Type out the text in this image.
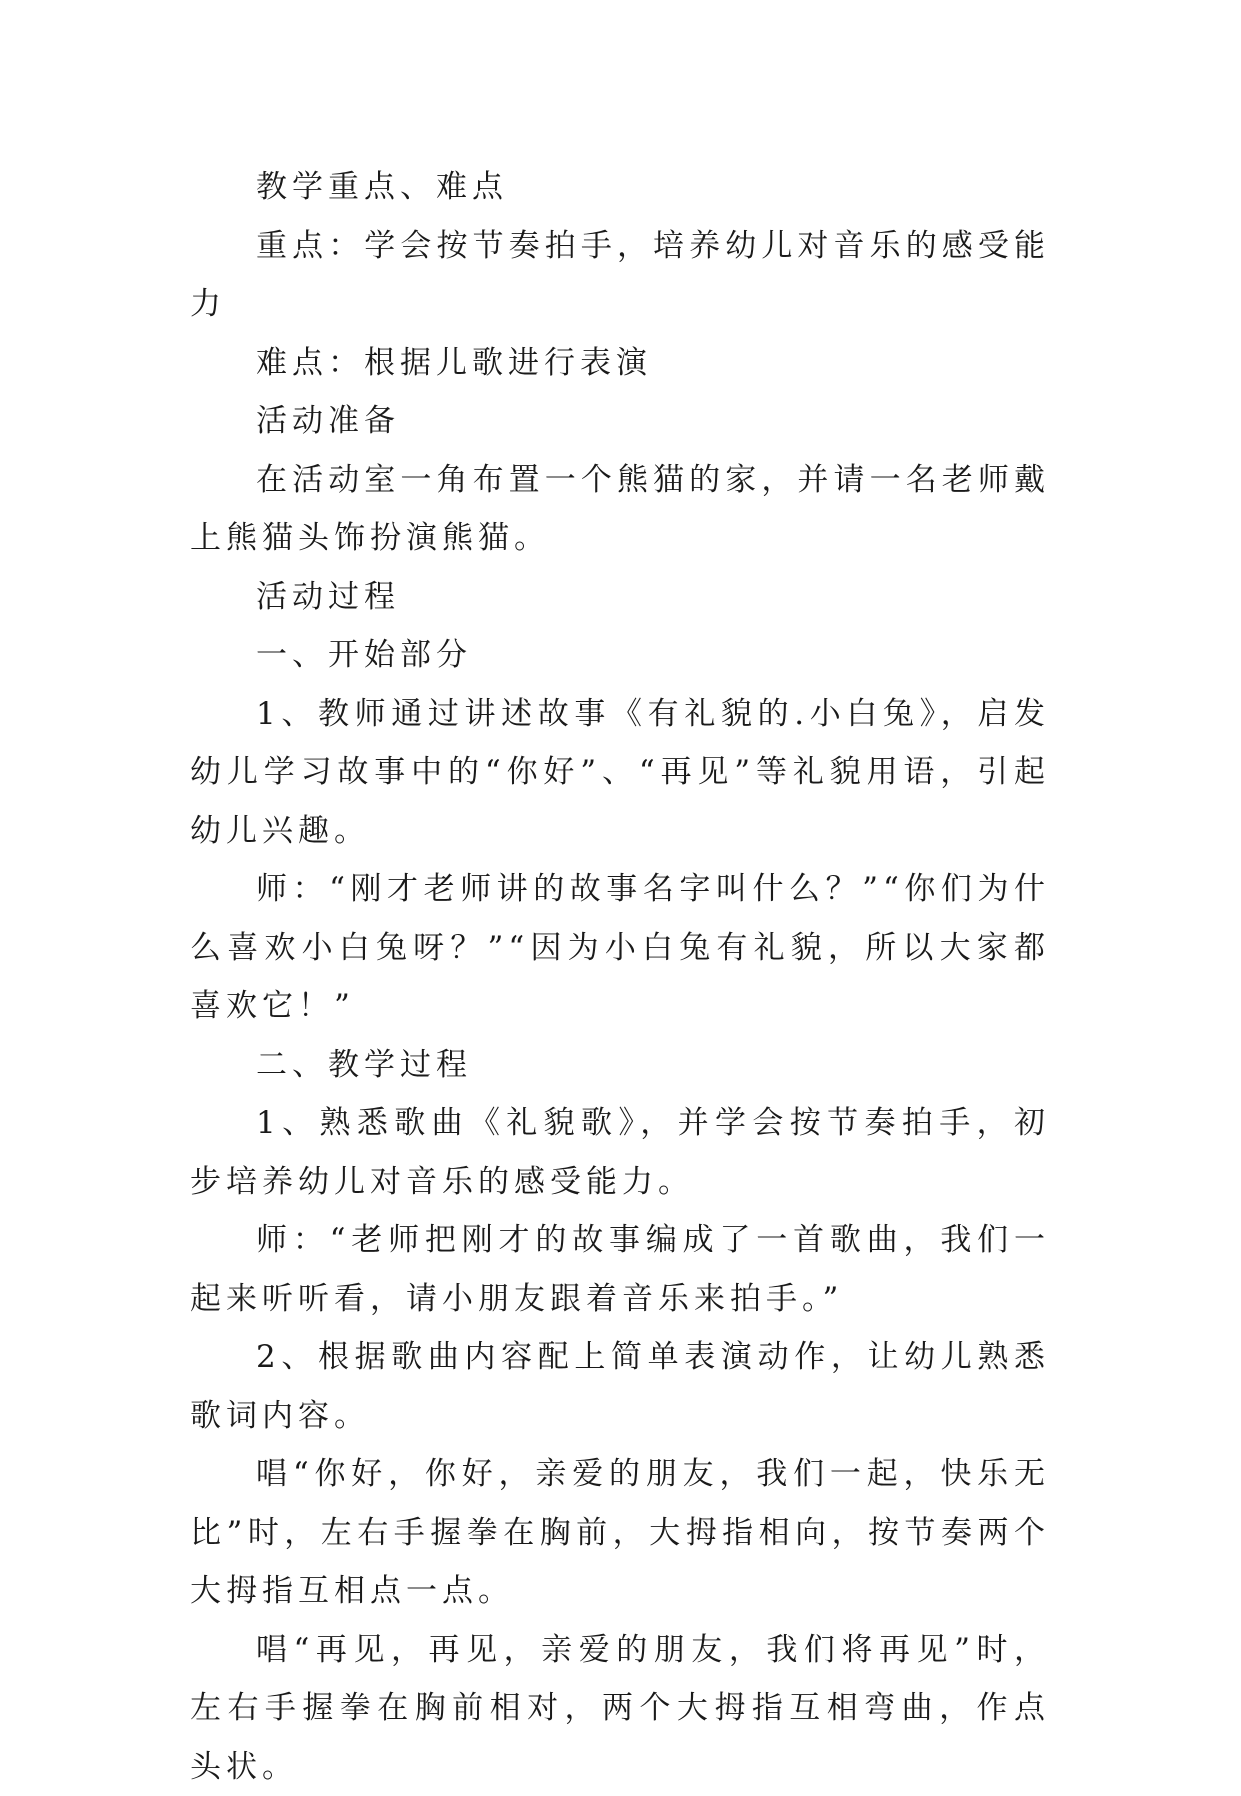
教学重点、难点

重点：学会按节奏拍手，培养幼儿对音乐的感受能力

难点：根据儿歌进行表演

活动准备

在活动室一角布置一个熊猫的家，并请一名老师戴上熊猫头饰扮演熊猫。

活动过程

一、开始部分

1、教师通过讲述故事《有礼貌的.小白兔》，启发幼儿学习故事中的“你好”、“再见”等礼貌用语，引起幼儿兴趣。

师：“刚才老师讲的故事名字叫什么？”“你们为什么喜欢小白兔呀？”“因为小白兔有礼貌，所以大家都喜欢它！”

二、教学过程

1、熟悉歌曲《礼貌歌》，并学会按节奏拍手，初步培养幼儿对音乐的感受能力。

师：“老师把刚才的故事编成了一首歌曲，我们一起来听听看，请小朋友跟着音乐来拍手。”

2、根据歌曲内容配上简单表演动作，让幼儿熟悉歌词内容。

唱“你好，你好，亲爱的朋友，我们一起，快乐无比”时，左右手握拳在胸前，大拇指相向，按节奏两个大拇指互相点一点。

唱“再见，再见，亲爱的朋友，我们将再见”时，左右手握拳在胸前相对，两个大拇指互相弯曲，作点头状。
